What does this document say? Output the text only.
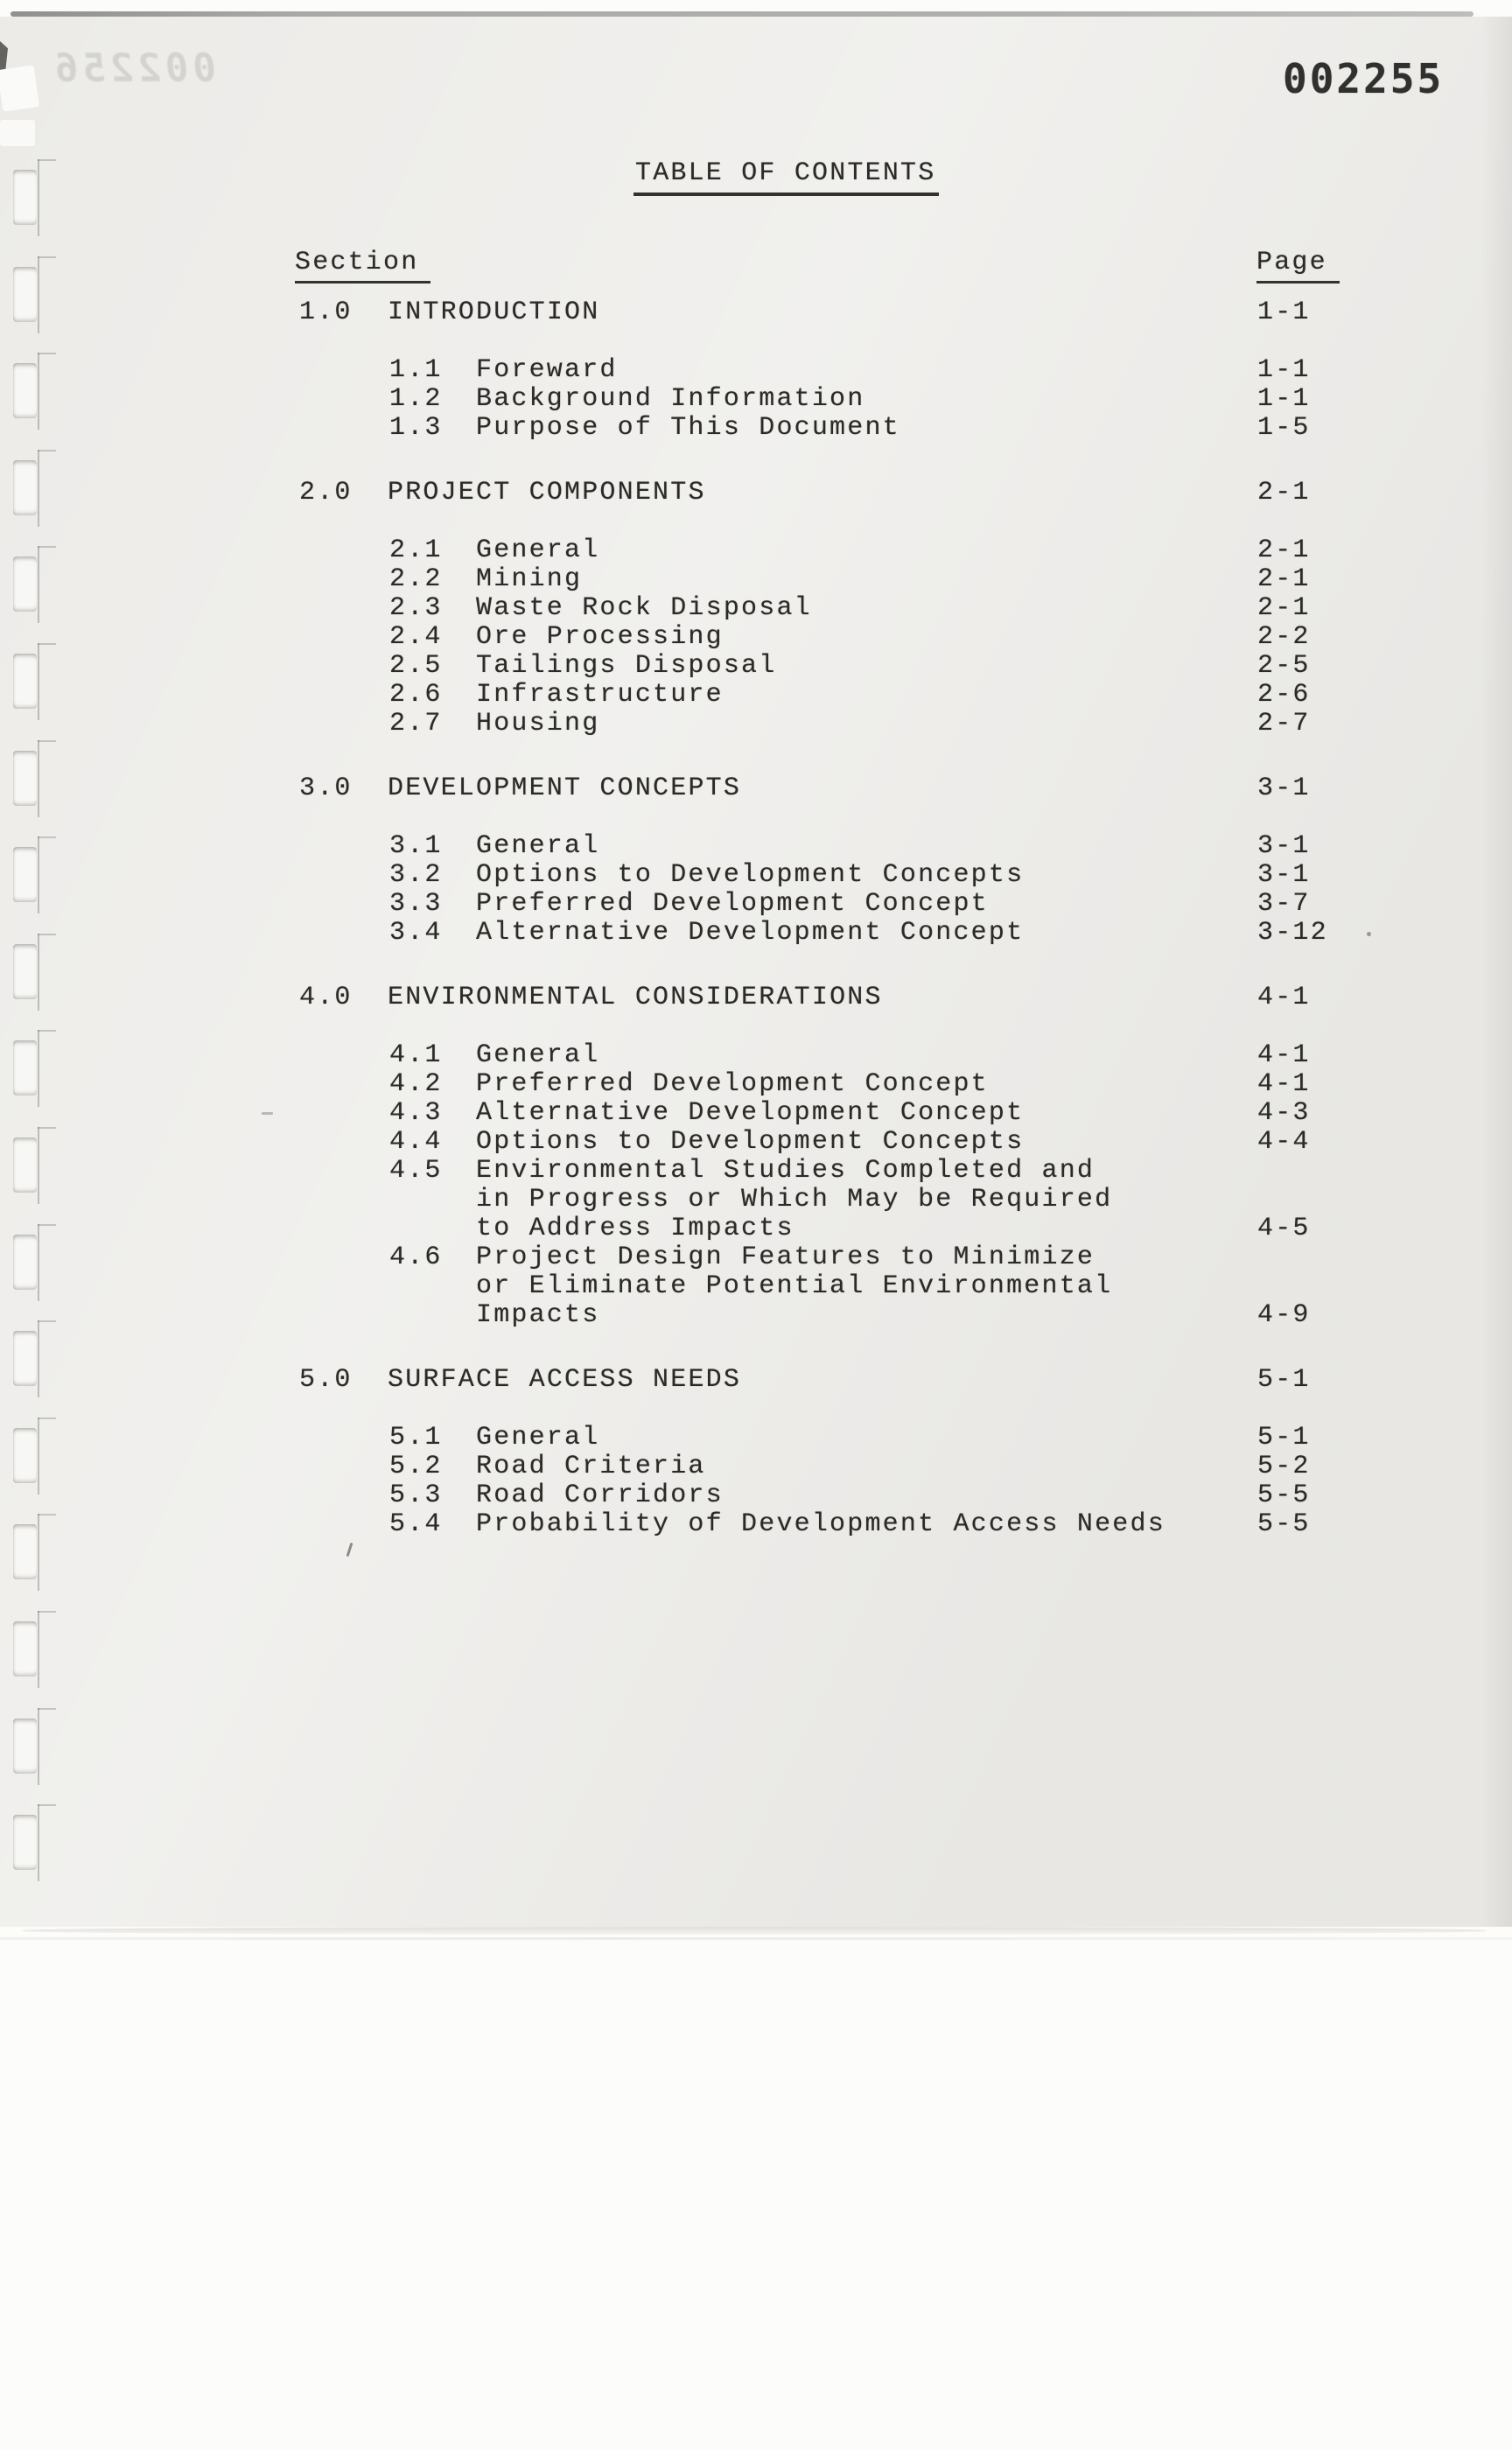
002256	002255
TABLE OF CONTENTS
Section	Page
1.0 INTRODUCTION	1-1
1.1 Foreward	1-1
1.2 Background Information	1-1
1.3 Purpose of This Document	1-5
2.0 PROJECT COMPONENTS	2-1
2.1 General	2-1
2.2 Mining	2-1
2.3 Waste Rock Disposal	2-1
2.4 Ore Processing	2-2
2.5 Tailings Disposal	2-5
2.6 Infrastructure	2-6
2.7 Housing	2-7
3.0 DEVELOPMENT CONCEPTS	3-1
3.1 General	3-1
3.2 Options to Development Concepts	3-1
3.3 Preferred Development Concept	3-7
3.4 Alternative Development Concept	3-12
4.0 ENVIRONMENTAL CONSIDERATIONS	4-1
4.1 General	4-1
4.2 Preferred Development Concept	4-1
4.3 Alternative Development Concept	4-3
4.4 Options to Development Concepts	4-4
4.5 Environmental Studies Completed and
in Progress or Which May be Required
to Address Impacts	4-5
4.6 Project Design Features to Minimize
or Eliminate Potential Environmental
Impacts	4-9
5.0 SURFACE ACCESS NEEDS	5-1
5.1 General	5-1
5.2 Road Criteria	5-2
5.3 Road Corridors	5-5
5.4 Probability of Development Access Needs	5-5
